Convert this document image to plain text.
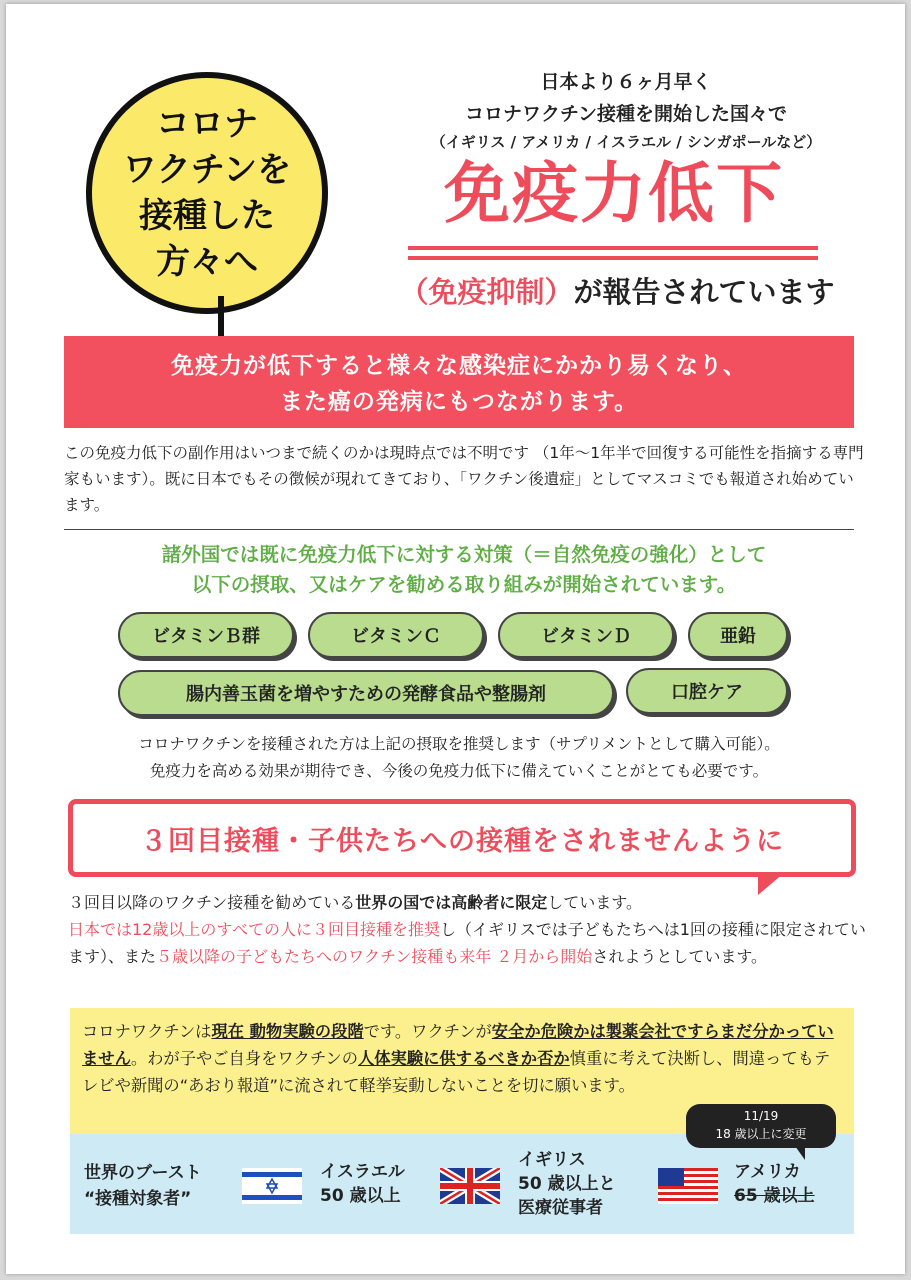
コロナ
ワクチンを
接種した
方々へ
日本より６ヶ月早く
コロナワクチン接種を開始した国々で
（イギリス / アメリカ / イスラエル / シンガポールなど）
免疫力低下
（免疫抑制）が報告されています
免疫力が低下すると様々な感染症にかかり易くなり、
また癌の発病にもつながります。
この免疫力低下の副作用はいつまで続くのかは現時点では不明です （1年～1年半で回復する可能性を指摘する専門家もいます）。既に日本でもその徴候が現れてきており、「ワクチン後遺症」としてマスコミでも報道され始めています。
諸外国では既に免疫力低下に対する対策（＝自然免疫の強化）として
以下の摂取、又はケアを勧める取り組みが開始されています。
ビタミンＢ群	ビタミンＣ	ビタミンＤ	亜鉛
腸内善玉菌を増やすための発酵食品や整腸剤	口腔ケア
コロナワクチンを接種された方は上記の摂取を推奨します（サプリメントとして購入可能）。
免疫力を高める効果が期待でき、今後の免疫力低下に備えていくことがとても必要です。
３回目接種・子供たちへの接種をされませんように
３回目以降のワクチン接種を勧めている世界の国では高齢者に限定しています。
日本では12歳以上のすべての人に３回目接種を推奨し（イギリスでは子どもたちへは1回の接種に限定されています）、また５歳以降の子どもたちへのワクチン接種も来年 ２月から開始されようとしています。
コロナワクチンは現在 動物実験の段階です。ワクチンが安全か危険かは製薬会社ですらまだ分かっていません。わが子やご自身をワクチンの人体実験に供するべきか否か慎重に考えて決断し、間違ってもテレビや新聞の“あおり報道”に流されて軽挙妄動しないことを切に願います。
世界のブースト
“接種対象者”
イスラエル
50 歳以上
イギリス
50 歳以上と
医療従事者
アメリカ
65 歳以上
11/19
18 歳以上に変更
